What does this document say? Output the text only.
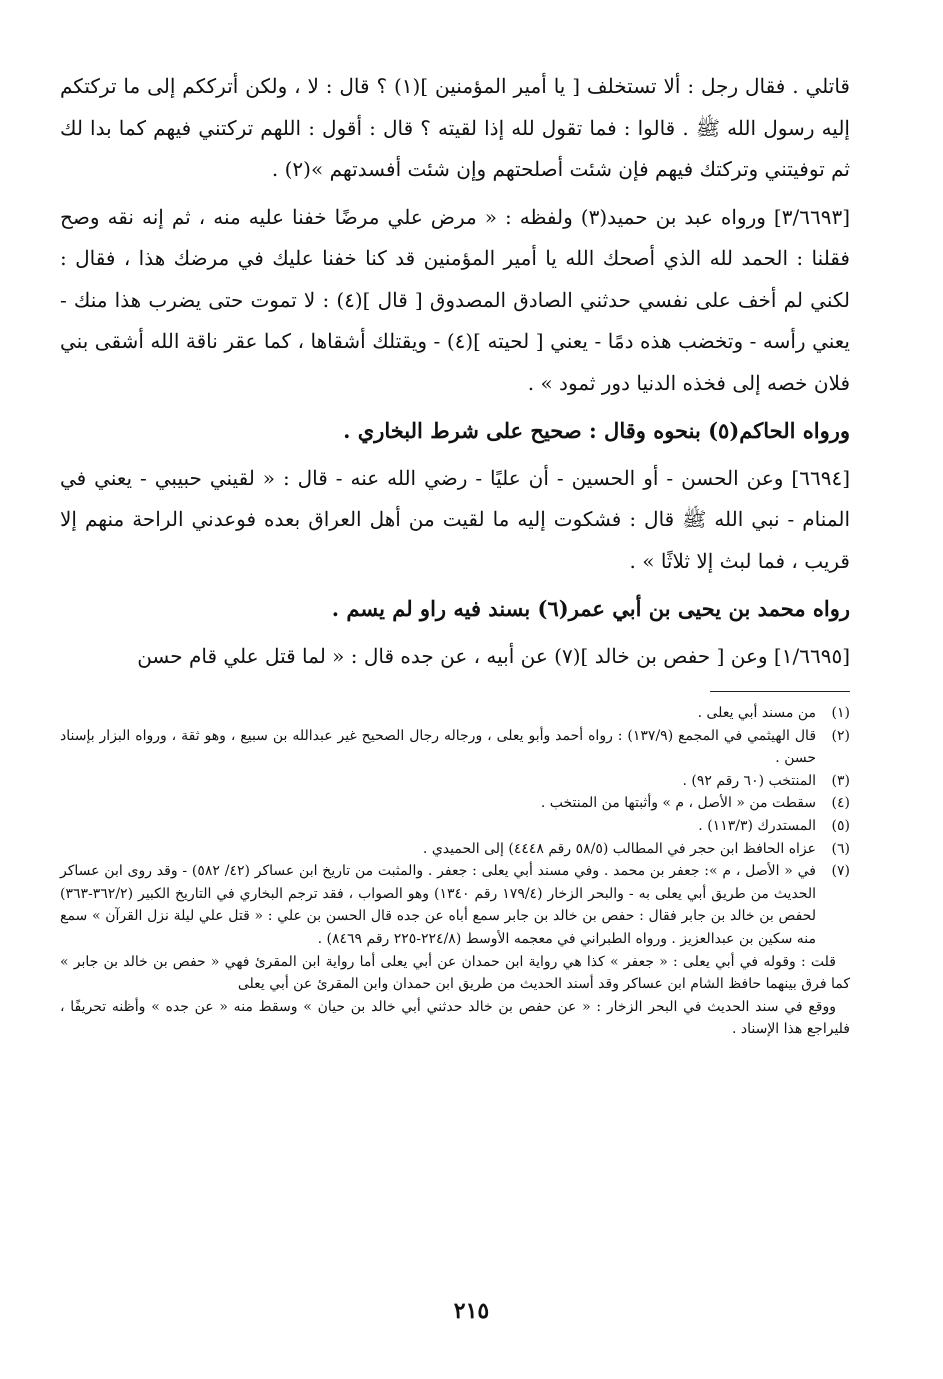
قاتلي . فقال رجل : ألا تستخلف [ يا أمير المؤمنين ](١) ؟ قال : لا ، ولكن أترككم إلى ما تركتكم إليه رسول الله ﷺ . قالوا : فما تقول لله إذا لقيته ؟ قال : أقول : اللهم تركتني فيهم كما بدا لك ثم توفيتني وتركتك فيهم فإن شئت أصلحتهم وإن شئت أفسدتهم »(٢) .

[٣/٦٦٩٣] ورواه عبد بن حميد(٣) ولفظه : « مرض علي مرضًا خفنا عليه منه ، ثم إنه نقه وصح فقلنا : الحمد لله الذي أصحك الله يا أمير المؤمنين قد كنا خفنا عليك في مرضك هذا ، فقال : لكني لم أخف على نفسي حدثني الصادق المصدوق [ قال ](٤) : لا تموت حتى يضرب هذا منك - يعني رأسه - وتخضب هذه دمًا - يعني [ لحيته ](٤) - ويقتلك أشقاها ، كما عقر ناقة الله أشقى بني فلان خصه إلى فخذه الدنيا دور ثمود » .

ورواه الحاكم(٥) بنحوه وقال : صحيح على شرط البخاري .

[٦٦٩٤] وعن الحسن - أو الحسين - أن عليًا - رضي الله عنه - قال : « لقيني حبيبي - يعني في المنام - نبي الله ﷺ قال : فشكوت إليه ما لقيت من أهل العراق بعده فوعدني الراحة منهم إلا قريب ، فما لبث إلا ثلاثًا » .

رواه محمد بن يحيى بن أبي عمر(٦) بسند فيه راو لم يسم .

[١/٦٦٩٥] وعن [ حفص بن خالد ](٧) عن أبيه ، عن جده قال : « لما قتل علي قام حسن

(١)
من مسند أبي يعلى .
(٢)
قال الهيثمي في المجمع (١٣٧/٩) : رواه أحمد وأبو يعلى ، ورجاله رجال الصحيح غير عبدالله بن سبيع ، وهو ثقة ، ورواه البزار بإسناد حسن .
(٣)
المنتخب (٦٠ رقم ٩٢) .
(٤)
سقطت من « الأصل ، م » وأثبتها من المنتخب .
(٥)
المستدرك (١١٣/٣) .
(٦)
عزاه الحافظ ابن حجر في المطالب (٥٨/٥ رقم ٤٤٤٨) إلى الحميدي .
(٧)
في « الأصل ، م »: جعفر بن محمد . وفي مسند أبي يعلى : جعفر . والمثبت من تاريخ ابن عساكر (٤٢/ ٥٨٢) - وقد روى ابن عساكر الحديث من طريق أبي يعلى به - والبحر الزخار (١٧٩/٤ رقم ١٣٤٠) وهو الصواب ، فقد ترجم البخاري في التاريخ الكبير (٣٦٢/٢-٣٦٣) لحفص بن خالد بن جابر فقال : حفص بن خالد بن جابر سمع أباه عن جده قال الحسن بن علي : « قتل علي ليلة نزل القرآن » سمع منه سكين بن عبدالعزيز . ورواه الطبراني في معجمه الأوسط (٢٢٤/٨-٢٢٥ رقم ٨٤٦٩) .
قلت : وقوله في أبي يعلى : « جعفر » كذا هي رواية ابن حمدان عن أبي يعلى أما رواية ابن المقرئ فهي « حفص بن خالد بن جابر » كما فرق بينهما حافظ الشام ابن عساكر وقد أسند الحديث من طريق ابن حمدان وابن المقرئ عن أبي يعلى
ووقع في سند الحديث في البحر الزخار : « عن حفص بن خالد حدثني أبي خالد بن حيان » وسقط منه « عن جده » وأظنه تحريفًا ، فليراجع هذا الإسناد .
٢١٥
